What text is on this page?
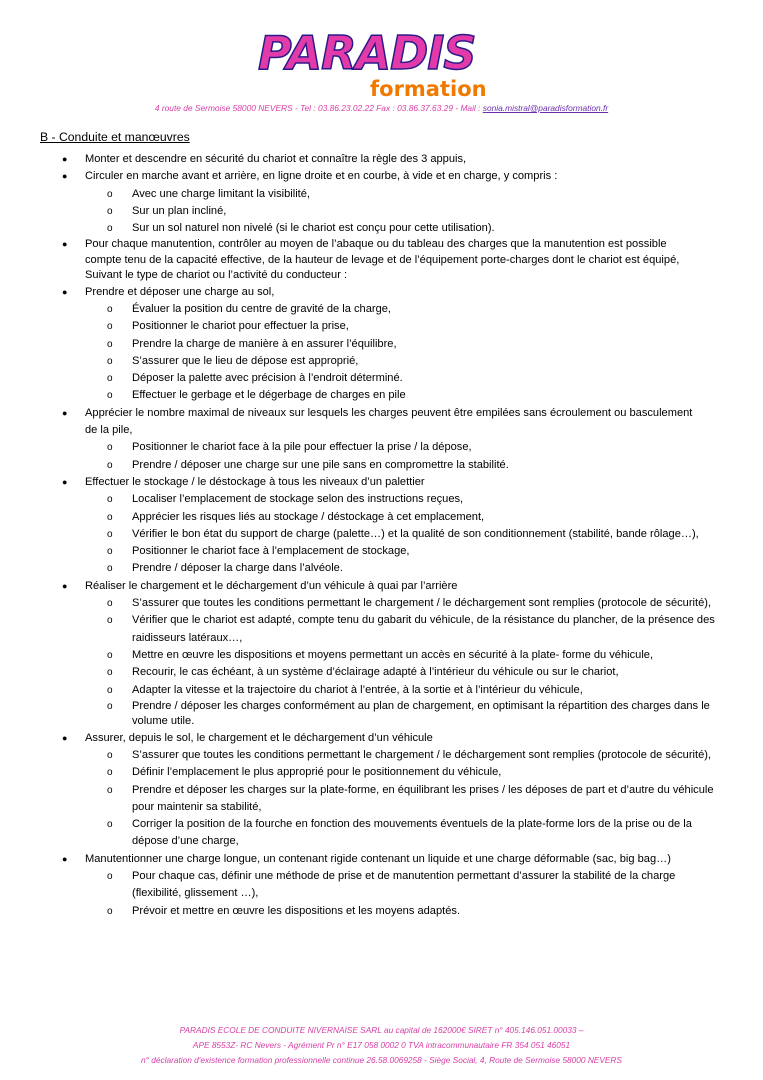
PARADIS
formation
4 route de Sermoise 58000 NEVERS - Tel : 03.86.23.02.22 Fax : 03.86.37.63.29 - Mail : sonia.mistral@paradisformation.fr
B - Conduite et manœuvres
● Monter et descendre en sécurité du chariot et connaître la règle des 3 appuis,
● Circuler en marche avant et arrière, en ligne droite et en courbe, à vide et en charge, y compris :
o Avec une charge limitant la visibilité,
o Sur un plan incliné,
o Sur un sol naturel non nivelé (si le chariot est conçu pour cette utilisation).
● Pour chaque manutention, contrôler au moyen de l’abaque ou du tableau des charges que la manutention est possible compte tenu de la capacité effective, de la hauteur de levage et de l’équipement porte-charges dont le chariot est équipé, Suivant le type de chariot ou l’activité du conducteur :
● Prendre et déposer une charge au sol,
o Évaluer la position du centre de gravité de la charge,
o Positionner le chariot pour effectuer la prise,
o Prendre la charge de manière à en assurer l’équilibre,
o S’assurer que le lieu de dépose est approprié,
o Déposer la palette avec précision à l’endroit déterminé.
o Effectuer le gerbage et le dégerbage de charges en pile
● Apprécier le nombre maximal de niveaux sur lesquels les charges peuvent être empilées sans écroulement ou basculement de la pile,
o Positionner le chariot face à la pile pour effectuer la prise / la dépose,
o Prendre / déposer une charge sur une pile sans en compromettre la stabilité.
● Effectuer le stockage / le déstockage à tous les niveaux d’un palettier
o Localiser l’emplacement de stockage selon des instructions reçues,
o Apprécier les risques liés au stockage / déstockage à cet emplacement,
o Vérifier le bon état du support de charge (palette…) et la qualité de son conditionnement (stabilité, bande rôlage…),
o Positionner le chariot face à l’emplacement de stockage,
o Prendre / déposer la charge dans l’alvéole.
● Réaliser le chargement et le déchargement d’un véhicule à quai par l’arrière
o S’assurer que toutes les conditions permettant le chargement / le déchargement sont remplies (protocole de sécurité),
o Vérifier que le chariot est adapté, compte tenu du gabarit du véhicule, de la résistance du plancher, de la présence des raidisseurs latéraux…,
o Mettre en œuvre les dispositions et moyens permettant un accès en sécurité à la plate- forme du véhicule,
o Recourir, le cas échéant, à un système d’éclairage adapté à l’intérieur du véhicule ou sur le chariot,
o Adapter la vitesse et la trajectoire du chariot à l’entrée, à la sortie et à l’intérieur du véhicule,
o Prendre / déposer les charges conformément au plan de chargement, en optimisant la répartition des charges dans le volume utile.
● Assurer, depuis le sol, le chargement et le déchargement d’un véhicule
o S’assurer que toutes les conditions permettant le chargement / le déchargement sont remplies (protocole de sécurité),
o Définir l’emplacement le plus approprié pour le positionnement du véhicule,
o Prendre et déposer les charges sur la plate-forme, en équilibrant les prises / les déposes de part et d’autre du véhicule pour maintenir sa stabilité,
o Corriger la position de la fourche en fonction des mouvements éventuels de la plate-forme lors de la prise ou de la dépose d’une charge,
● Manutentionner une charge longue, un contenant rigide contenant un liquide et une charge déformable (sac, big bag…)
o Pour chaque cas, définir une méthode de prise et de manutention permettant d’assurer la stabilité de la charge (flexibilité, glissement …),
o Prévoir et mettre en œuvre les dispositions et les moyens adaptés.
PARADIS ECOLE DE CONDUITE NIVERNAISE SARL au capital de 162000€ SIRET n° 405.146.051.00033 –
APE 8553Z- RC Nevers - Agrément Pr n° E17 058 0002 0 TVA intracommunautaire FR 354 051 46051
n° déclaration d'existence formation professionnelle continue 26.58.0069258 - Siège Social, 4, Route de Sermoise 58000 NEVERS
